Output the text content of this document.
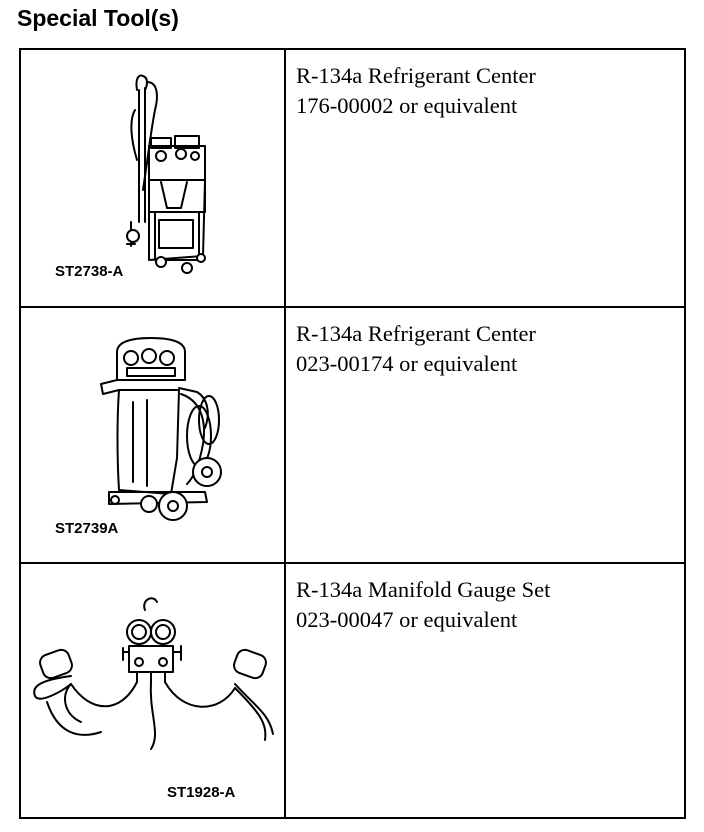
Special Tool(s)
ST2738-A	R-134a Refrigerant Center
176-00002 or equivalent

ST2739A	R-134a Refrigerant Center
023-00174 or equivalent

ST1928-A	R-134a Manifold Gauge Set
023-00047 or equivalent
